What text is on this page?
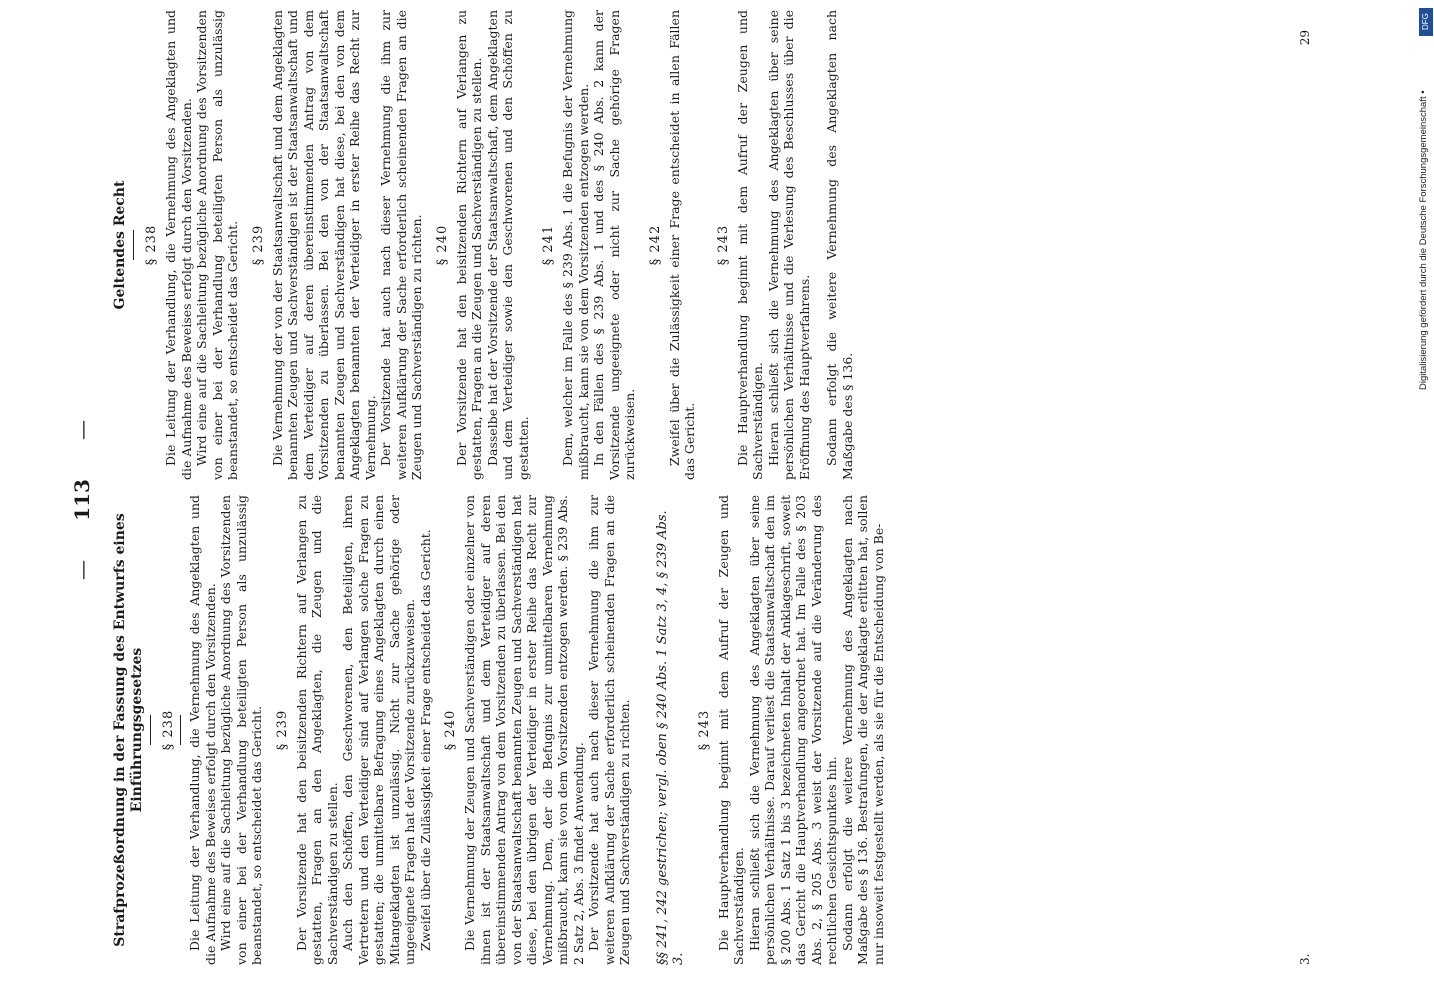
—
113
—
Strafprozeßordnung in der Fassung des Entwurfs eines Einführungsgesetzes § 238 Die Leitung der Verhandlung, die Vernehmung des Angeklagten und die Aufnahme des Beweises erfolgt durch den Vorsitzenden. Wird eine auf die Sachleitung bezügliche Anordnung des Vorsitzenden von einer bei der Verhandlung beteiligten Person als unzulässig beanstandet, so entscheidet das Gericht. § 239 Der Vorsitzende hat den beisitzenden Richtern auf Verlangen zu gestatten, Fragen an den Angeklagten, die Zeugen und die Sachverständigen zu stellen. Auch den Schöffen, den Geschworenen, den Beteiligten, ihren Vertretern und den Verteidiger sind auf Verlangen solche Fragen zu gestatten; die unmittelbare Befragung eines Angeklagten durch einen Mitangeklagten ist unzulässig. Nicht zur Sache gehörige oder ungeeignete Fragen hat der Vorsitzende zurückzuweisen. Zweifel über die Zulässigkeit einer Frage entscheidet das Gericht. § 240 Die Vernehmung der Zeugen und Sachverständigen oder einzelner von ihnen ist der Staatsanwaltschaft und dem Verteidiger auf deren übereinstimmenden Antrag von dem Vorsitzenden zu überlassen. Bei den von der Staatsanwaltschaft benannten Zeugen und Sachverständigen hat diese, bei den übrigen der Verteidiger in erster Reihe das Recht zur Vernehmung. Dem, der die Befugnis zur unmittelbaren Vernehmung mißbraucht, kann sie von dem Vorsitzenden entzogen werden. § 239 Abs. 2 Satz 2, Abs. 3 findet Anwendung. Der Vorsitzende hat auch nach dieser Vernehmung die ihm zur weiteren Aufklärung der Sache erforderlich scheinenden Fragen an die Zeugen und Sachverständigen zu richten. §§ 241, 242 gestrichen; vergl. oben § 240 Abs. 1 Satz 3, 4, § 239 Abs. 3.

§ 243 Die Hauptverhandlung beginnt mit dem Aufruf der Zeugen und Sachverständigen. Hieran schließt sich die Vernehmung des Angeklagten über seine persönlichen Verhältnisse. Darauf verliest die Staatsanwaltschaft den im § 200 Abs. 1 Satz 1 bis 3 bezeichneten Inhalt der Anklageschrift, soweit das Gericht die Hauptverhandlung angeordnet hat. Im Falle des § 203 Abs. 2, § 205 Abs. 3 weist der Vorsitzende auf die Veränderung des rechtlichen Gesichtspunktes hin. Sodann erfolgt die weitere Vernehmung des Angeklagten nach Maßgabe des § 136. Bestrafungen, die der Angeklagte erlitten hat, sollen nur insoweit festgestellt werden, als sie für die Entscheidung von Be-	3.
Geltendes Recht § 238 Die Leitung der Verhandlung, die Vernehmung des Angeklagten und die Aufnahme des Beweises erfolgt durch den Vorsitzenden. Wird eine auf die Sachleitung bezügliche Anordnung des Vorsitzenden von einer bei der Verhandlung beteiligten Person als unzulässig beanstandet, so entscheidet das Gericht. § 239 Die Vernehmung der von der Staatsanwaltschaft und dem Angeklagten benannten Zeugen und Sachverständigen ist der Staatsanwaltschaft und dem Verteidiger auf deren übereinstimmenden Antrag von dem Vorsitzenden zu überlassen. Bei den von der Staatsanwaltschaft benannten Zeugen und Sachverständigen hat diese, bei den von dem Angeklagten benannten der Verteidiger in erster Reihe das Recht zur Vernehmung. Der Vorsitzende hat auch nach dieser Vernehmung die ihm zur weiteren Aufklärung der Sache erforderlich scheinenden Fragen an die Zeugen und Sachverständigen zu richten. § 240 Der Vorsitzende hat den beisitzenden Richtern auf Verlangen zu gestatten, Fragen an die Zeugen und Sachverständigen zu stellen. Dasselbe hat der Vorsitzende der Staatsanwaltschaft, dem Angeklagten und dem Verteidiger sowie den Geschworenen und den Schöffen zu gestatten.

§ 241 Dem, welcher im Falle des § 239 Abs. 1 die Befugnis der Vernehmung mißbraucht, kann sie von dem Vorsitzenden entzogen werden. In den Fällen des § 239 Abs. 1 und des § 240 Abs. 2 kann der Vorsitzende ungeeignete oder nicht zur Sache gehörige Fragen zurückweisen.

§ 242 Zweifel über die Zulässigkeit einer Frage entscheidet in allen Fällen das Gericht.

§ 243 Die Hauptverhandlung beginnt mit dem Aufruf der Zeugen und Sachverständigen. Hieran schließt sich die Vernehmung des Angeklagten über seine persönlichen Verhältnisse und die Verlesung des Beschlusses über die Eröffnung des Hauptverfahrens. Sodann erfolgt die weitere Vernehmung des Angeklagten nach Maßgabe des § 136.

29
DFG
Digitalisierung gefördert durch die Deutsche Forschungsgemeinschaft •
